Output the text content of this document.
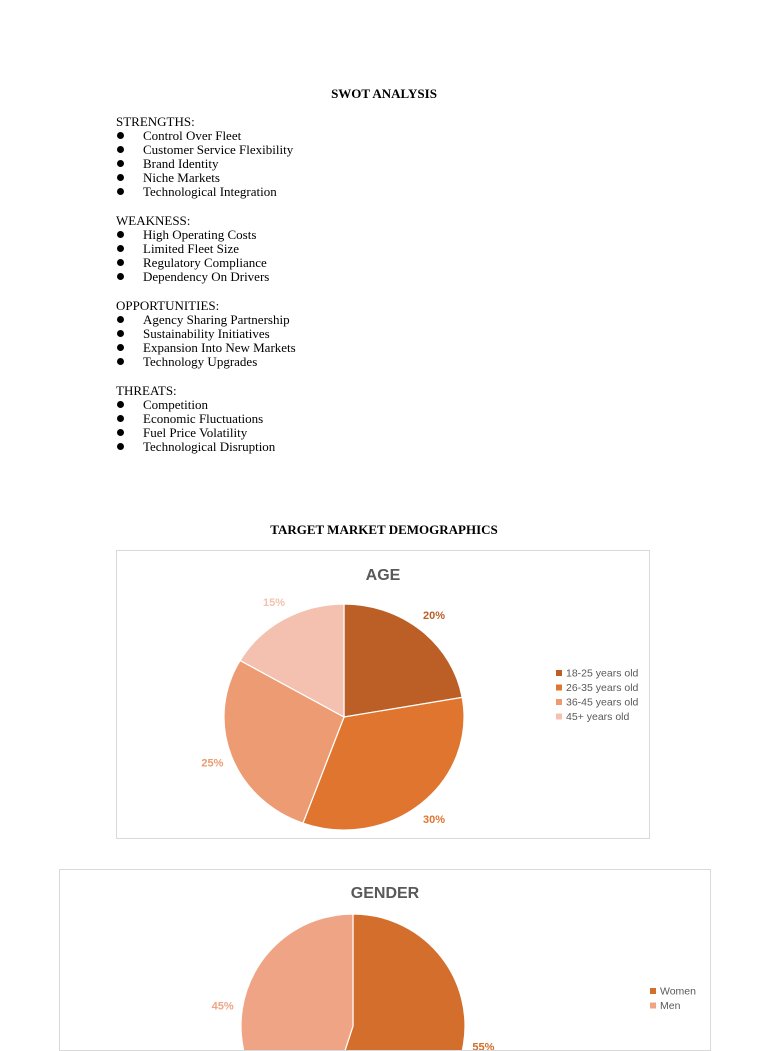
SWOT ANALYSIS
STRENGTHS:
Control Over Fleet
Customer Service Flexibility
Brand Identity
Niche Markets
Technological Integration
WEAKNESS:
High Operating Costs
Limited Fleet Size
Regulatory Compliance
Dependency On Drivers
OPPORTUNITIES:
Agency Sharing Partnership
Sustainability Initiatives
Expansion Into New Markets
Technology Upgrades
THREATS:
Competition
Economic Fluctuations
Fuel Price Volatility
Technological Disruption
TARGET MARKET DEMOGRAPHICS
AGE
20%
30%
25%
15%
18-25 years old
26-35 years old
36-45 years old
45+ years old
GENDER
55%
45%
Women
Men
